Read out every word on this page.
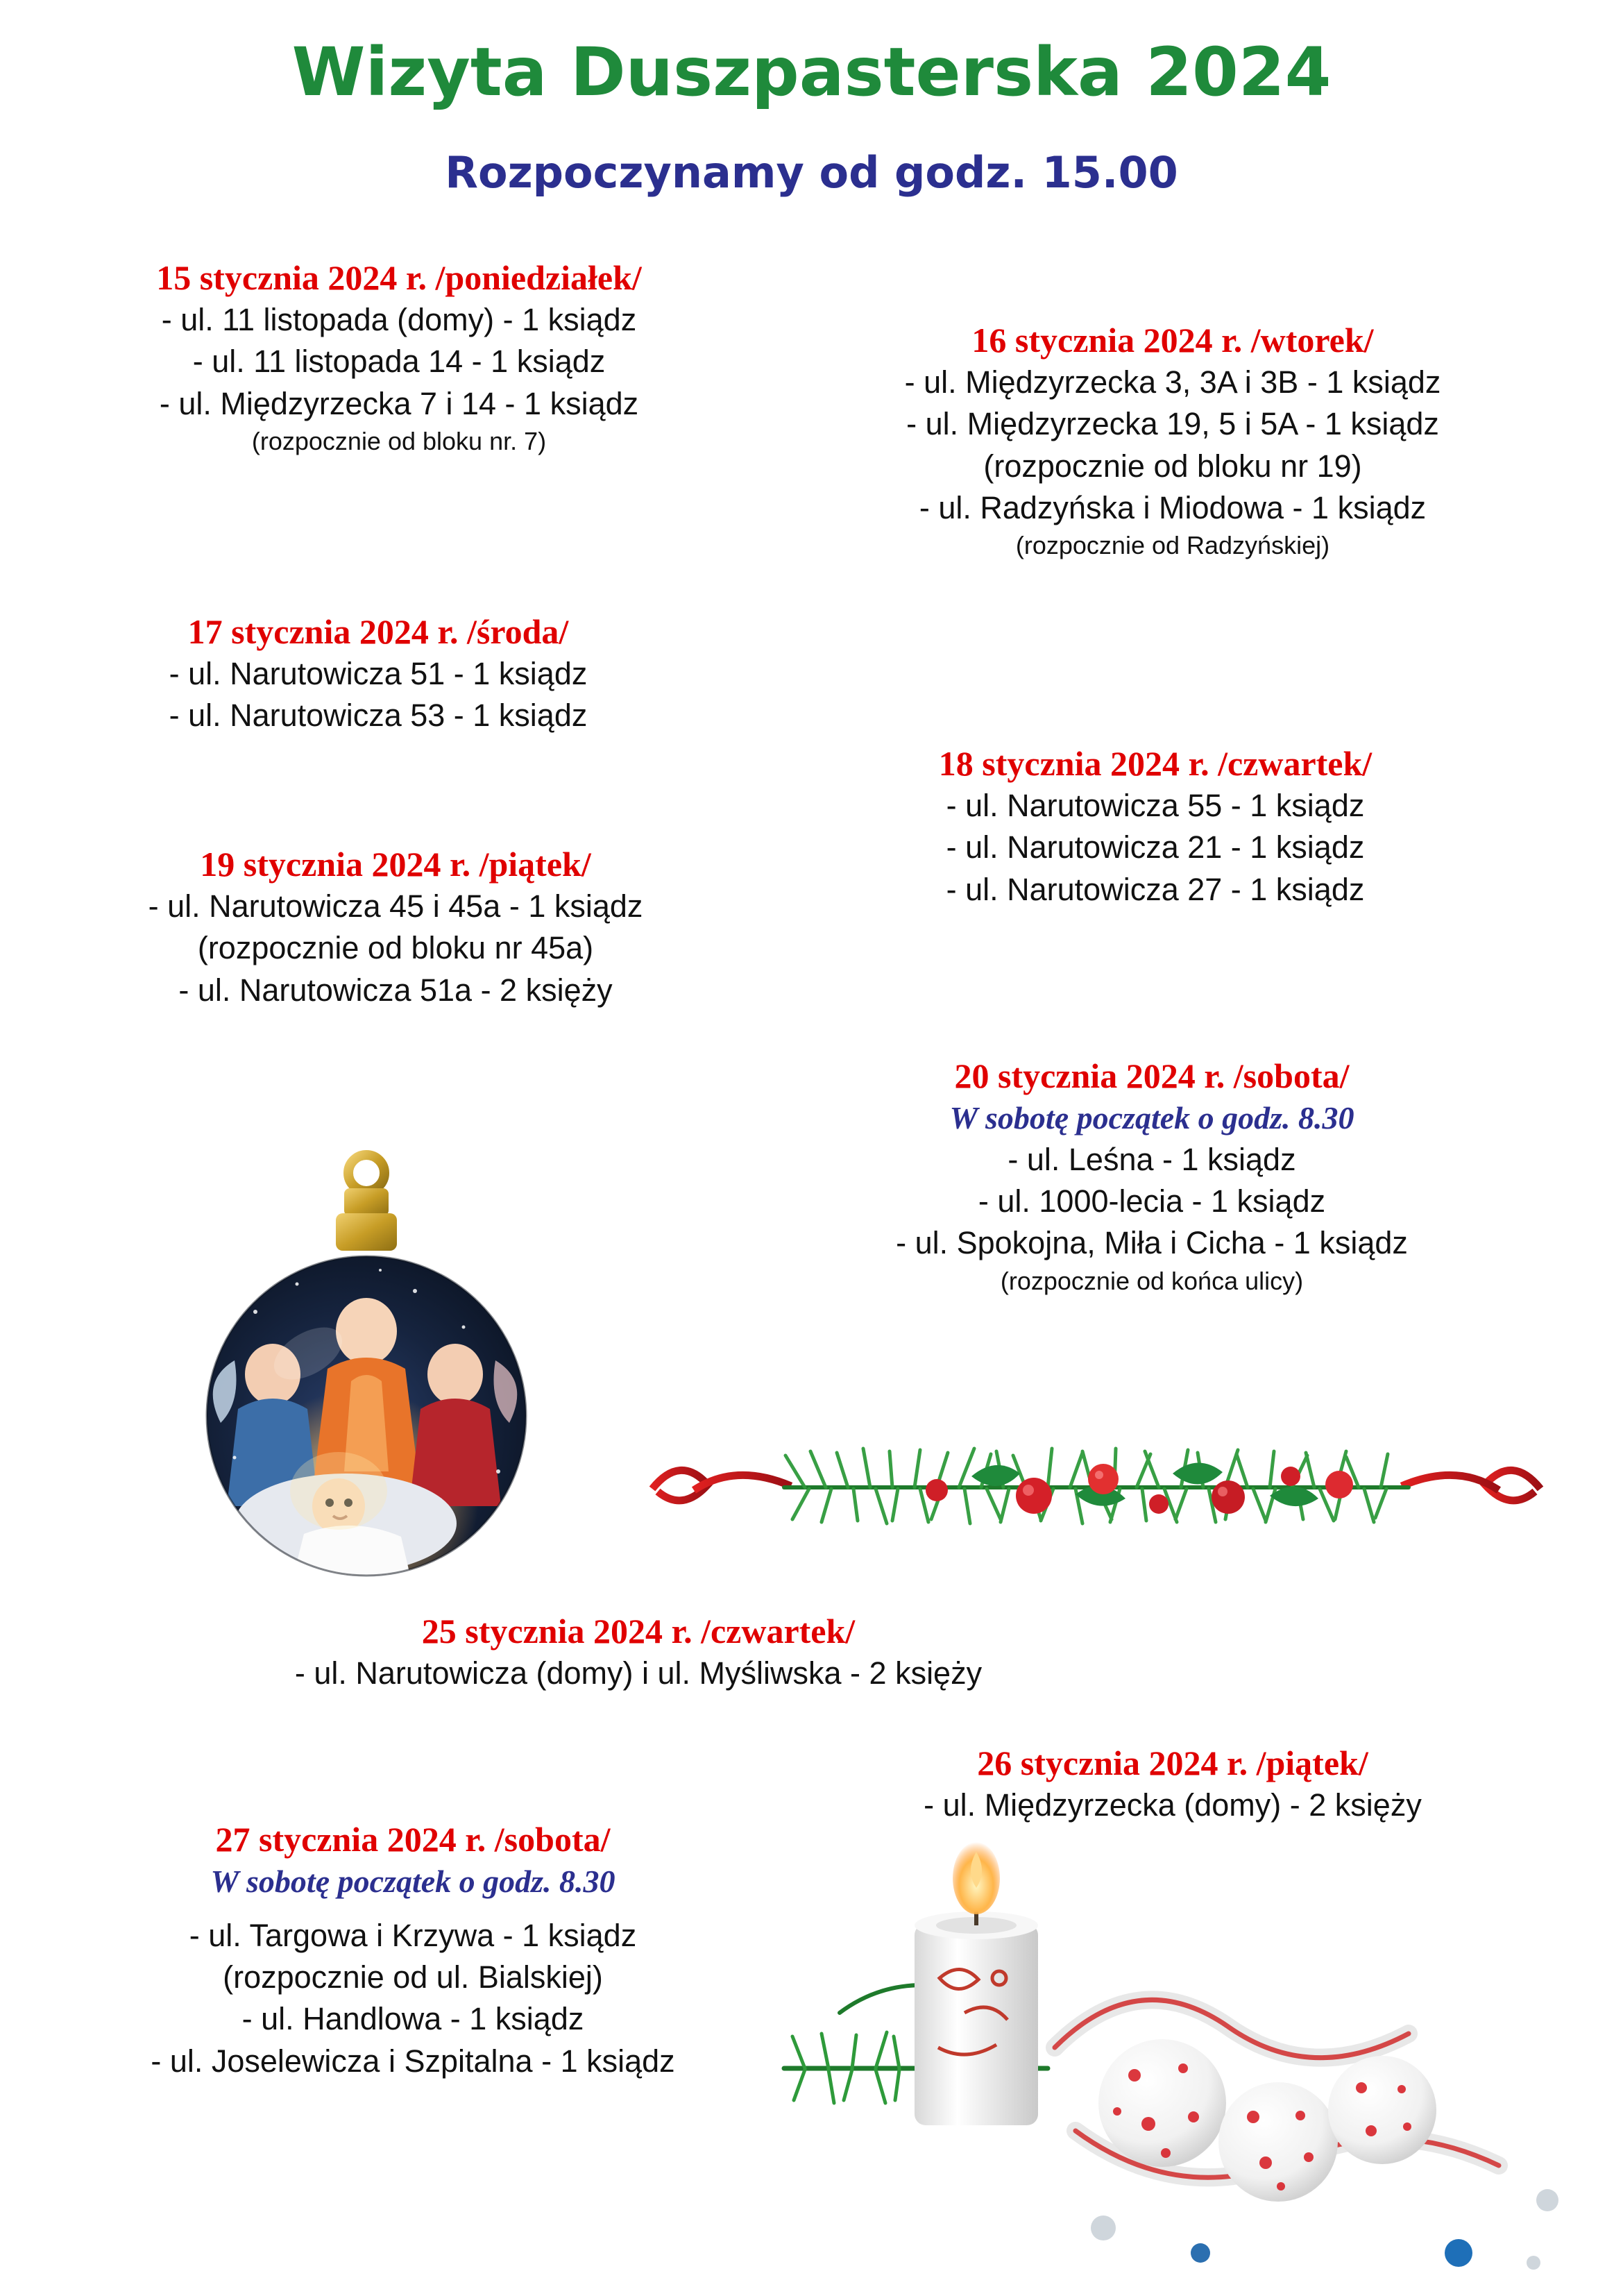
Wizyta Duszpasterska 2024
Rozpoczynamy od godz. 15.00
15 stycznia 2024 r. /poniedziałek/
- ul. 11 listopada (domy) - 1 ksiądz
- ul. 11 listopada 14 - 1 ksiądz
- ul. Międzyrzecka 7 i 14 - 1 ksiądz
(rozpocznie od bloku nr. 7)
16 stycznia 2024 r. /wtorek/
- ul. Międzyrzecka 3, 3A i 3B - 1 ksiądz
- ul. Międzyrzecka 19, 5 i 5A - 1 ksiądz
(rozpocznie od bloku nr 19)
- ul. Radzyńska i Miodowa - 1 ksiądz
(rozpocznie od Radzyńskiej)
17 stycznia 2024 r. /środa/
- ul. Narutowicza 51 - 1 ksiądz
- ul. Narutowicza 53 - 1 ksiądz
18 stycznia 2024 r. /czwartek/
- ul. Narutowicza 55 - 1 ksiądz
- ul. Narutowicza 21 - 1 ksiądz
- ul. Narutowicza 27 - 1 ksiądz
19 stycznia 2024 r. /piątek/
- ul. Narutowicza 45 i 45a - 1 ksiądz
(rozpocznie od bloku nr 45a)
- ul. Narutowicza 51a - 2 księży
20 stycznia 2024 r. /sobota/
W sobotę początek o godz. 8.30
- ul. Leśna - 1 ksiądz
- ul. 1000-lecia - 1 ksiądz
- ul. Spokojna, Miła i Cicha - 1 ksiądz
(rozpocznie od końca ulicy)
25 stycznia 2024 r. /czwartek/
- ul. Narutowicza (domy) i ul. Myśliwska - 2 księży
26 stycznia 2024 r. /piątek/
- ul. Międzyrzecka (domy) - 2 księży
27 stycznia 2024 r. /sobota/
W sobotę początek o godz. 8.30
- ul. Targowa i Krzywa - 1 ksiądz
(rozpocznie od ul. Bialskiej)
- ul. Handlowa - 1 ksiądz
- ul. Joselewicza i Szpitalna - 1 ksiądz
